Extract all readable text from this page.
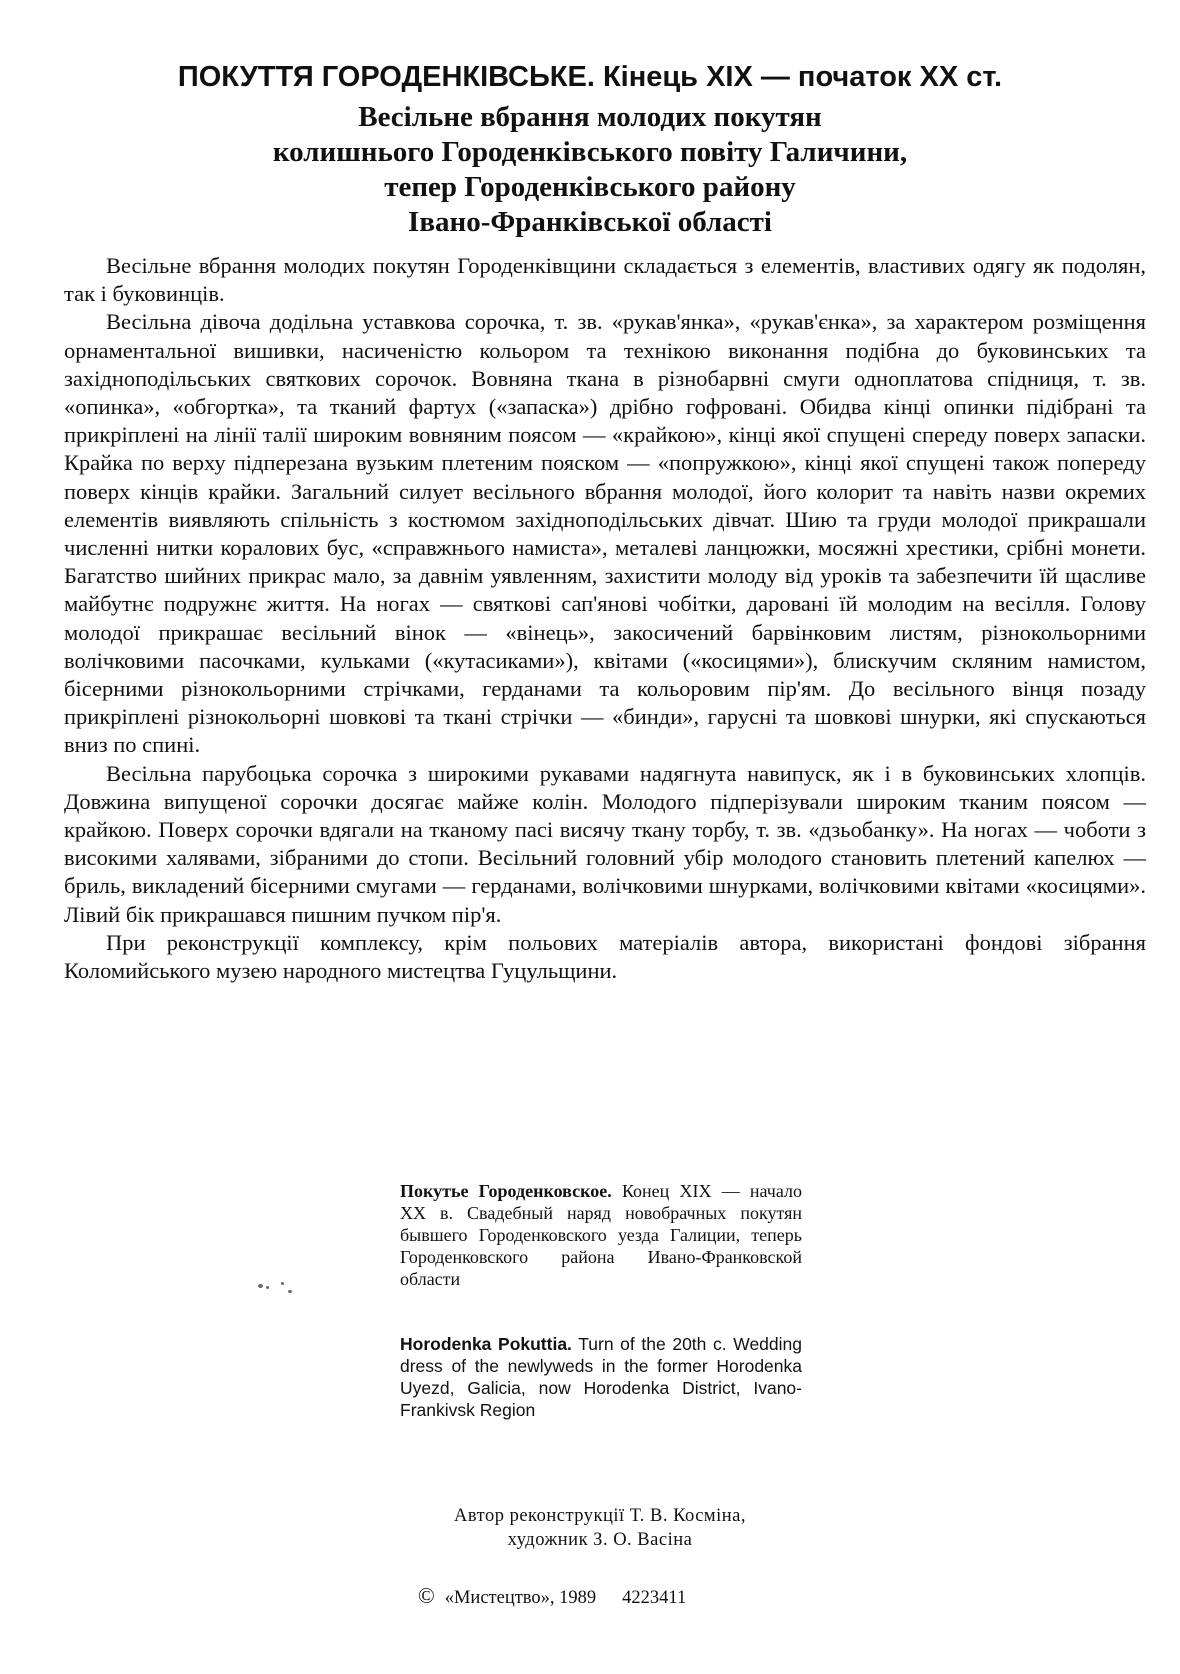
ПОКУТТЯ ГОРОДЕНКІВСЬКЕ. Кінець XIX — початок XX ст.
Весільне вбрання молодих покутян
колишнього Городенківського повіту Галичини,
тепер Городенківського району
Івано-Франківської області

Весільне вбрання молодих покутян Городенківщини складається з елементів, властивих одягу як подолян, так і буковинців.

Весільна дівоча додільна уставкова сорочка, т. зв. «рукав'янка», «рукав'єнка», за характером розміщення орнаментальної вишивки, насиченістю кольором та технікою виконання подібна до буковинських та західноподільських святкових сорочок. Вовняна ткана в різнобарвні смуги одноплатова спідниця, т. зв. «опинка», «обгортка», та тканий фартух («запаска») дрібно гофровані. Обидва кінці опинки підібрані та прикріплені на лінії талії широким вовняним поясом — «крайкою», кінці якої спущені спереду поверх запаски. Крайка по верху підперезана вузьким плетеним пояском — «попружкою», кінці якої спущені також попереду поверх кінців крайки. Загальний силует весільного вбрання молодої, його колорит та навіть назви окремих елементів виявляють спільність з костюмом західноподільських дівчат. Шию та груди молодої прикрашали численні нитки коралових бус, «справжнього намиста», металеві ланцюжки, мосяжні хрестики, срібні монети. Багатство шийних прикрас мало, за давнім уявленням, захистити молоду від уроків та забезпечити їй щасливе майбутнє подружнє життя. На ногах — святкові сап'янові чобітки, даровані їй молодим на весілля. Голову молодої прикрашає весільний вінок — «вінець», закосичений барвінковим листям, різнокольорними волічковими пасочками, кульками («кутасиками»), квітами («косицями»), блискучим скляним намистом, бісерними різнокольорними стрічками, герданами та кольоровим пір'ям. До весільного вінця позаду прикріплені різнокольорні шовкові та ткані стрічки — «бинди», гарусні та шовкові шнурки, які спускаються вниз по спині.

Весільна парубоцька сорочка з широкими рукавами надягнута навипуск, як і в буковинських хлопців. Довжина випущеної сорочки досягає майже колін. Молодого підперізували широким тканим поясом — крайкою. Поверх сорочки вдягали на тканому пасі висячу ткану торбу, т. зв. «дзьобанку». На ногах — чоботи з високими халявами, зібраними до стопи. Весільний головний убір молодого становить плетений капелюх — бриль, викладений бісерними смугами — герданами, волічковими шнурками, волічковими квітами «косицями». Лівий бік прикрашався пишним пучком пір'я.

При реконструкції комплексу, крім польових матеріалів автора, використані фондові зібрання Коломийського музею народного мистецтва Гуцульщини.

Покутье Городенковское. Конец XIX — начало XX в. Свадебный наряд новобрачных покутян бывшего Городенковского уезда Галиции, теперь Городенковского района Ивано-Франковской области
Horodenka Pokuttia. Turn of the 20th c. Wedding dress of the newlyweds in the former Horodenka Uyezd, Galicia, now Horodenka District, Ivano-Frankivsk Region
Автор реконструкції Т. В. Космiна,
художник З. О. Васiна
© «Мистецтво», 1989 4223411
